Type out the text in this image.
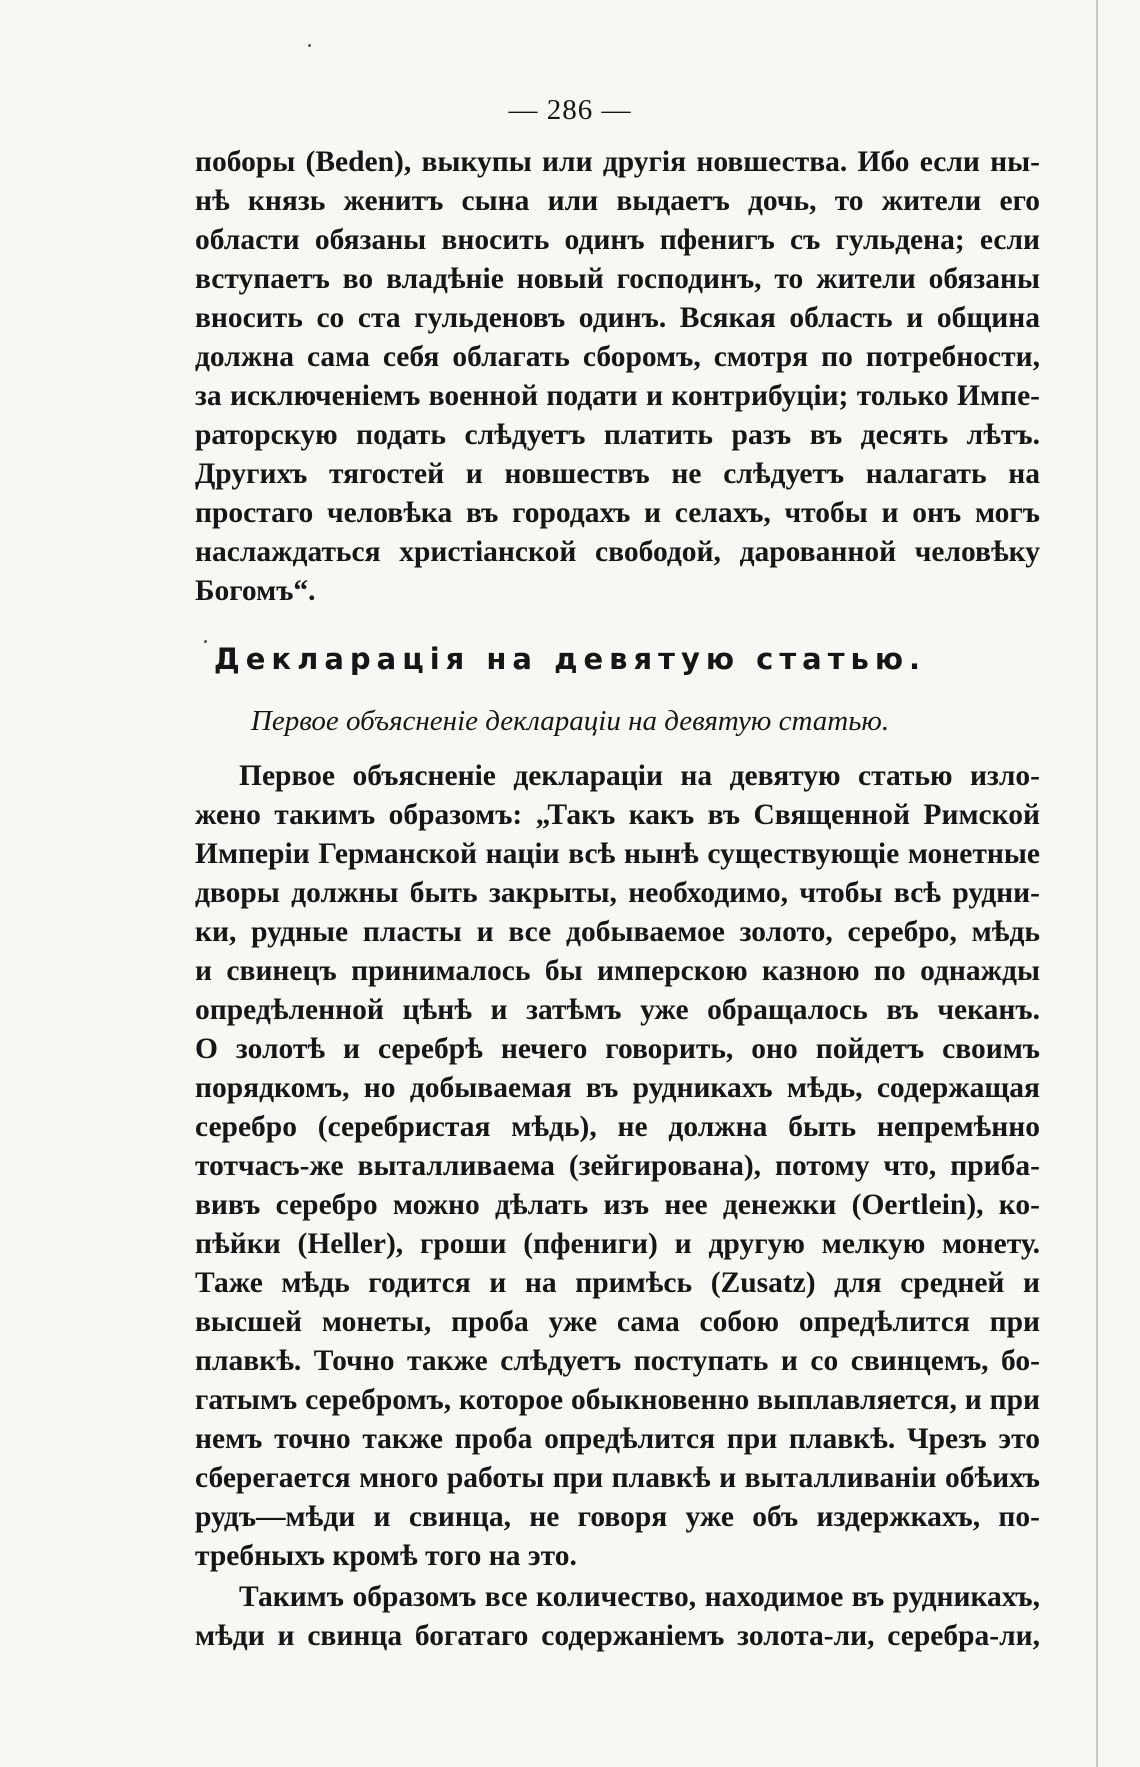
— 286 —
поборы (Beden), выкупы или другія новшества. Ибо если ны-
нѣ князь женитъ сына или выдаетъ дочь, то жители его
области обязаны вносить одинъ пфенигъ съ гульдена; если
вступаетъ во владѣніе новый господинъ, то жители обязаны
вносить со ста гульденовъ одинъ. Всякая область и община
должна сама себя облагать сборомъ, смотря по потребности,
за исключеніемъ военной подати и контрибуціи; только Импе-
раторскую подать слѣдуетъ платить разъ въ десять лѣтъ.
Другихъ тягостей и новшествъ не слѣдуетъ налагать на
простаго человѣка въ городахъ и селахъ, чтобы и онъ могъ
наслаждаться христіанской свободой, дарованной человѣку
Богомъ“.
Декларація на девятую статью.
Первое объясненіе деклараціи на девятую статью.
Первое объясненіе деклараціи на девятую статью изло-
жено такимъ образомъ: „Такъ какъ въ Священной Римской
Имперіи Германской націи всѣ нынѣ существующіе монетные
дворы должны быть закрыты, необходимо, чтобы всѣ рудни-
ки, рудные пласты и все добываемое золото, серебро, мѣдь
и свинецъ принималось бы имперскою казною по однажды
опредѣленной цѣнѣ и затѣмъ уже обращалось въ чеканъ.
О золотѣ и серебрѣ нечего говорить, оно пойдетъ своимъ
порядкомъ, но добываемая въ рудникахъ мѣдь, содержащая
серебро (серебристая мѣдь), не должна быть непремѣнно
тотчасъ-же выталливаема (зейгирована), потому что, приба-
вивъ серебро можно дѣлать изъ нее денежки (Oertlein), ко-
пѣйки (Heller), гроши (пфениги) и другую мелкую монету.
Таже мѣдь годится и на примѣсь (Zusatz) для средней и
высшей монеты, проба уже сама собою опредѣлится при
плавкѣ. Точно также слѣдуетъ поступать и со свинцемъ, бо-
гатымъ серебромъ, которое обыкновенно выплавляется, и при
немъ точно также проба опредѣлится при плавкѣ. Чрезъ это
сберегается много работы при плавкѣ и выталливаніи обѣихъ
рудъ—мѣди и свинца, не говоря уже объ издержкахъ, по-
требныхъ кромѣ того на это.
Такимъ образомъ все количество, находимое въ рудникахъ,
мѣди и свинца богатаго содержаніемъ золота-ли, серебра-ли,
